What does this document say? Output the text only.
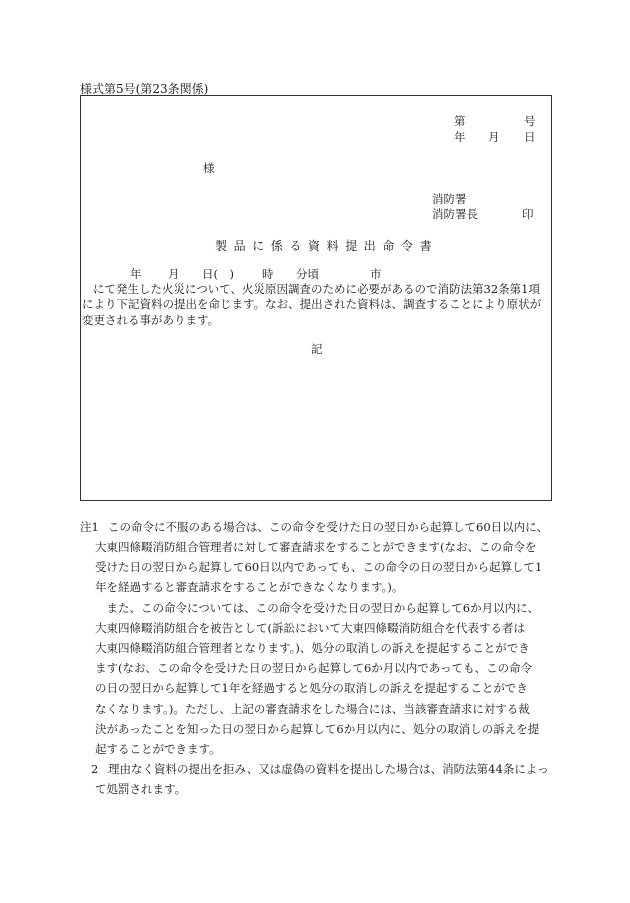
様式第5号(第23条関係)
第	号
年 月 日
様
消防署
消防署長	印
製品に係る資料提出命令書
年 月 日(　) 時 分頃	市
にて発生した火災について、火災原因調査のために必要があるので消防法第32条第1項
により下記資料の提出を命じます。なお、提出された資料は、調査することにより原状が
変更される事があります。
記
注1 この命令に不服のある場合は、この命令を受けた日の翌日から起算して60日以内に、
大東四條畷消防組合管理者に対して審査請求をすることができます(なお、この命令を
受けた日の翌日から起算して60日以内であっても、この命令の日の翌日から起算して1
年を経過すると審査請求をすることができなくなります。)。
　また、この命令については、この命令を受けた日の翌日から起算して6か月以内に、
大東四條畷消防組合を被告として(訴訟において大東四條畷消防組合を代表する者は
大東四條畷消防組合管理者となります。)、処分の取消しの訴えを提起することができ
ます(なお、この命令を受けた日の翌日から起算して6か月以内であっても、この命令
の日の翌日から起算して1年を経過すると処分の取消しの訴えを提起することができ
なくなります。)。ただし、上記の審査請求をした場合には、当該審査請求に対する裁
決があったことを知った日の翌日から起算して6か月以内に、処分の取消しの訴えを提
起することができます。
2 理由なく資料の提出を拒み、又は虚偽の資料を提出した場合は、消防法第44条によっ
て処罰されます。
